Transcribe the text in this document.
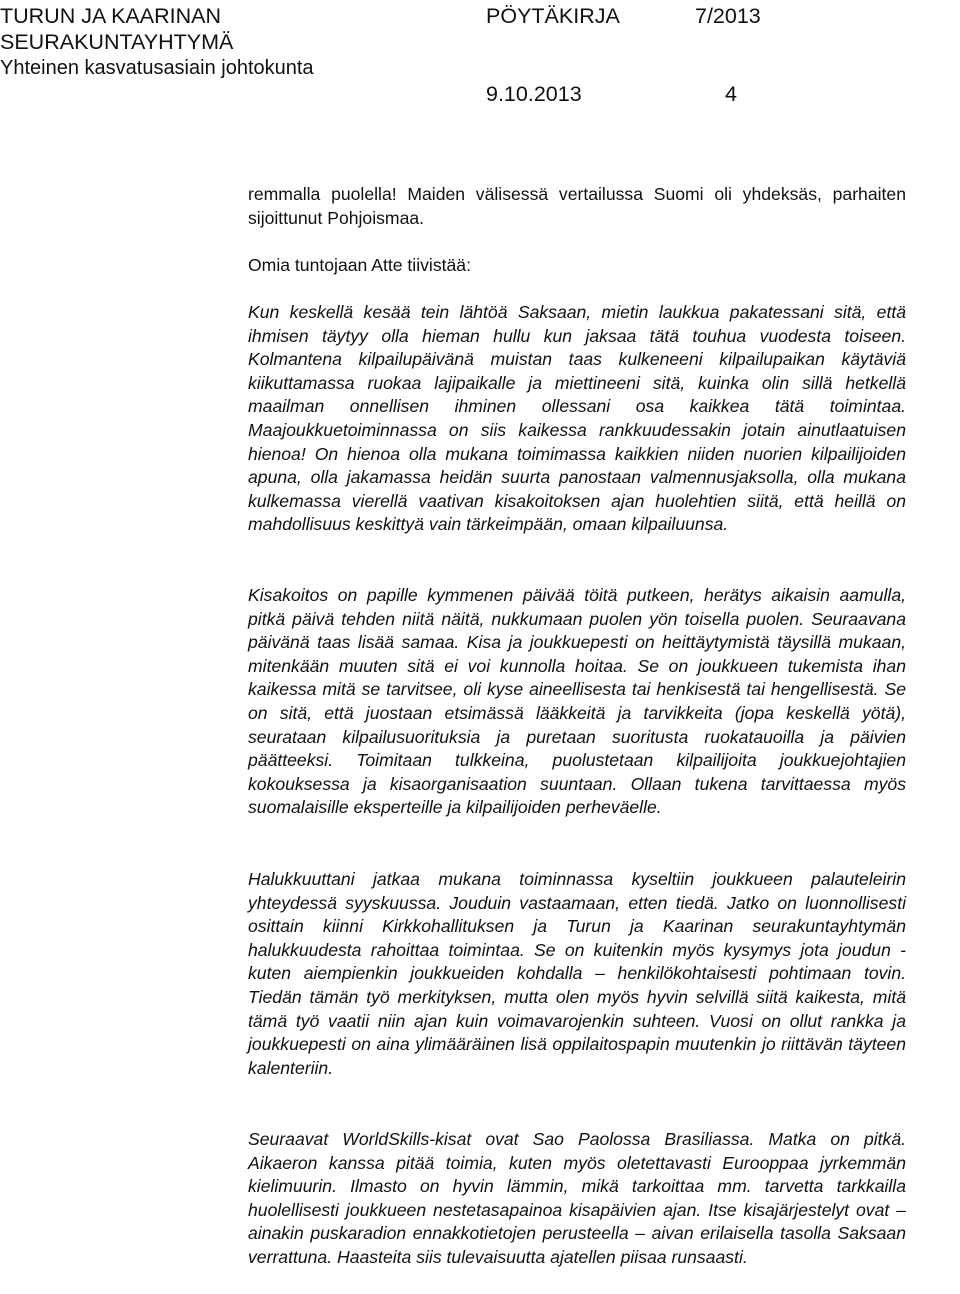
TURUN JA KAARINAN
SEURAKUNTAYHTYMÄ
Yhteinen kasvatusasiain johtokunta
PÖYTÄKIRJA	7/2013
9.10.2013	4

remmalla puolella! Maiden välisessä vertailussa Suomi oli yhdeksäs, parhaiten sijoittunut Pohjoismaa.

Omia tuntojaan Atte tiivistää:

Kun keskellä kesää tein lähtöä Saksaan, mietin laukkua pakatessani sitä, että ihmisen täytyy olla hieman hullu kun jaksaa tätä touhua vuodesta toiseen. Kolmantena kilpailupäivänä muistan taas kulkeneeni kilpailupaikan käytäviä kiikuttamassa ruokaa lajipaikalle ja miettineeni sitä, kuinka olin sillä hetkellä maailman onnellisen ihminen ollessani osa kaikkea tätä toimintaa. Maajoukkuetoiminnassa on siis kaikessa rankkuudessakin jotain ainutlaatuisen hienoa! On hienoa olla mukana toimimassa kaikkien niiden nuorien kilpailijoiden apuna, olla jakamassa heidän suurta panostaan valmennusjaksolla, olla mukana kulkemassa vierellä vaativan kisakoitoksen ajan huolehtien siitä, että heillä on mahdollisuus keskittyä vain tärkeimpään, omaan kilpailuunsa.

Kisakoitos on papille kymmenen päivää töitä putkeen, herätys aikaisin aamulla, pitkä päivä tehden niitä näitä, nukkumaan puolen yön toisella puolen. Seuraavana päivänä taas lisää samaa. Kisa ja joukkuepesti on heittäytymistä täysillä mukaan, mitenkään muuten sitä ei voi kunnolla hoitaa. Se on joukkueen tukemista ihan kaikessa mitä se tarvitsee, oli kyse aineellisesta tai henkisestä tai hengellisestä. Se on sitä, että juostaan etsimässä lääkkeitä ja tarvikkeita (jopa keskellä yötä), seurataan kilpailusuorituksia ja puretaan suoritusta ruokatauoilla ja päivien päätteeksi. Toimitaan tulkkeina, puolustetaan kilpailijoita joukkuejohtajien kokouksessa ja kisaorganisaation suuntaan. Ollaan tukena tarvittaessa myös suomalaisille eksperteille ja kilpailijoiden perheväelle.

Halukkuuttani jatkaa mukana toiminnassa kyseltiin joukkueen palauteleirin yhteydessä syyskuussa. Jouduin vastaamaan, etten tiedä. Jatko on luonnollisesti osittain kiinni Kirkkohallituksen ja Turun ja Kaarinan seurakuntayhtymän halukkuudesta rahoittaa toimintaa. Se on kuitenkin myös kysymys jota joudun - kuten aiempienkin joukkueiden kohdalla – henkilökohtaisesti pohtimaan tovin. Tiedän tämän työ merkityksen, mutta olen myös hyvin selvillä siitä kaikesta, mitä tämä työ vaatii niin ajan kuin voimavarojenkin suhteen. Vuosi on ollut rankka ja joukkuepesti on aina ylimääräinen lisä oppilaitospapin muutenkin jo riittävän täyteen kalenteriin.

Seuraavat WorldSkills-kisat ovat Sao Paolossa Brasiliassa. Matka on pitkä. Aikaeron kanssa pitää toimia, kuten myös oletettavasti Eurooppaa jyrkemmän kielimuurin. Ilmasto on hyvin lämmin, mikä tarkoittaa mm. tarvetta tarkkailla huolellisesti joukkueen nestetasapainoa kisapäivien ajan. Itse kisajärjestelyt ovat – ainakin puskaradion ennakkotietojen perusteella – aivan erilaisella tasolla Saksaan verrattuna. Haasteita siis tulevaisuutta ajatellen piisaa runsaasti.
